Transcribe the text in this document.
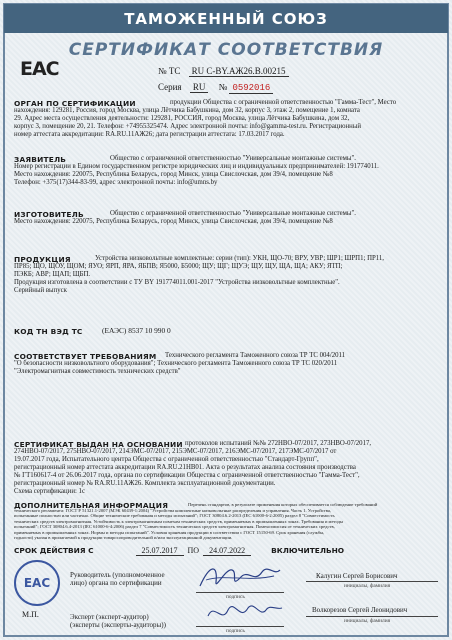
ТАМОЖЕННЫЙ СОЮЗ
СЕРТИФИКАТ СООТВЕТСТВИЯ
ЕАС	№ ТС RU C-BY.АЖ26.B.00215
Серия RU № 0592016
ОРГАН ПО СЕРТИФИКАЦИИ	продукции Общества с ограниченной ответственностью "Гамма-Тест", Место
нахождения: 129281, Россия, город Москва, улица Лётчика Бабушкина, дом 32, корпус 3, этаж 2, помещение 1, комната
29. Адрес места осуществления деятельности: 129281, РОССИЯ, город Москва, улица Лётчика Бабушкина, дом 32,
корпус 3, помещение 20, 21. Телефон: +74955325474. Адрес электронной почты: info@gamma-test.ru. Регистрационный
номер аттестата аккредитации: RA.RU.11АЖ26; дата регистрации аттестата: 17.03.2017 года.
ЗАЯВИТЕЛЬ	Общество с ограниченной ответственностью "Универсальные монтажные системы".
Номер регистрации в Едином государственном регистре юридических лиц и индивидуальных предпринимателей: 191774011.
Место нахождения: 220075, Республика Беларусь, город Минск, улица Свислочская, дом 39/4, помещение №8
Телефон: +375(17)344-83-99, адрес электронной почты: info@umns.by
ИЗГОТОВИТЕЛЬ	Общество с ограниченной ответственностью "Универсальные монтажные системы".
Место нахождения: 220075, Республика Беларусь, город Минск, улица Свислочская, дом 39/4, помещение №8
ПРОДУКЦИЯ	Устройства низковольтные комплектные: серии (тип): УКН, ЩО-70; ВРУ, УВР; ШР1; ШРП1; ПР11,
ПР85; ЩО, ЩОУ, ЩОМ; ЯУО; ЯРП, ЯРА, ЯБПВ; Я5000, Б5000; ЩУ; ЩГ; ЩУЭ; ЩУ, ЩУ, ЩА, ЩА; АКУ; ЯТП;
ПЭКБ; АВР; ЩАП; ЩБП.
Продукция изготовлена в соответствии с ТУ BY 191774011.001-2017 "Устройства низковольтные комплектные".
Серийный выпуск
КОД ТН ВЭД ТС	(ЕАЭС) 8537 10 990 0
СООТВЕТСТВУЕТ ТРЕБОВАНИЯМ Технического регламента Таможенного союза ТР ТС 004/2011
"О безопасности низковольтного оборудования"; Технического регламента Таможенного союза ТР ТС 020/2011
"Электромагнитная совместимость технических средств"
СЕРТИФИКАТ ВЫДАН НА ОСНОВАНИИ протоколов испытаний №№ 272НВО-07/2017, 273НВО-07/2017,
274НВО-07/2017, 275НВО-07/2017, 214ЭМС-07/2017, 215ЭМС-07/2017, 216ЭМС-07/2017, 217ЭМС-07/2017 от
19.07.2017 года, Испытательного центра Общества с ограниченной ответственностью "Стандарт-Групп",
регистрационный номер аттестата аккредитации RA.RU.21НВ01. Акта о результатах анализа состояния производства
№ ГТ160617-4 от 26.06.2017 года, органа по сертификации Общества с ограниченной ответственностью "Гамма-Тест",
регистрационный номер № RA.RU.11АЖ26. Комплекта эксплуатационной документации.
Схема сертификации: 1с
ДОПОЛНИТЕЛЬНАЯ ИНФОРМАЦИЯ	Перечень стандартов, в результате применения которых обеспечивается соблюдение требований
технического регламента: ГОСТ Р 51321.1-2007 (МЭК 60439-1:2004) "Устройства комплектные низковольтные распределения и управления. Часть 1. Устройства,
испытанные полностью или частично. Общие технические требования и методы испытаний"; ГОСТ 30804.6.2-2013 (IEC 61000-6-2:2005) раздел 8 "Совместимость
технических средств электромагнитная. Устойчивость к электромагнитным помехам технических средств, применяемых в промышленных зонах. Требования и методы
испытаний"; ГОСТ 30804.6.4-2013 (IEC 61000-6-4:2006) раздел 7 "Совместимость технических средств электромагнитная. Помехоэмиссия от технических средств,
применяемых в промышленных зонах. Нормы и методы испытаний". Условия хранения продукции в соответствии с ГОСТ 15150-69. Срок хранения (службы,
годности) указан в прилагаемой к продукции товаросопроводительной и/или эксплуатационной документации.
СРОК ДЕЙСТВИЯ С	25.07.2017	ПО	24.07.2022	ВКЛЮЧИТЕЛЬНО
ЕАС
М.П.
Руководитель (уполномоченное
лицо) органа по сертификации
подпись
Калугин Сергей Борисович
инициалы, фамилия
Эксперт (эксперт-аудитор)
(эксперты (эксперты-аудиторы))
подпись
Волкорезов Сергей Леонидович
инициалы, фамилия
